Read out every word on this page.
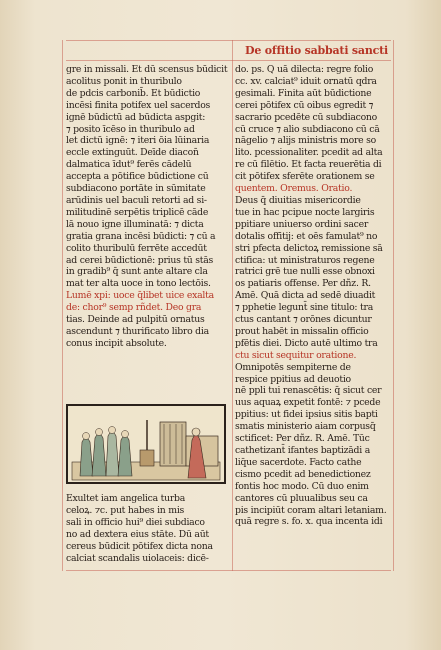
De offitio sabbati sancti

gre in missali. Et dū scensus būdicit

acolitus ponit in thuribulo

de pdcis carbonib̄. Et būdictio

incēsi finita potifex uel sacerdos

ignē būdictū ad būdicta aspgit:

⁊ posito īcēso in thuribulo ad

let dictū ignē: ⁊ iteri ōia lūinaria

eccle extinguūt. Deīde diacon̄

dalmatica īdut⁹ ferēs cādelū

accepta a pōtifice būdictione cū

subdiacono portāte in sūmitate

arūdinis uel baculi retorti ad si-

militudinē serpētis triplicē cāde

lā nouo igne illuminatā: ⁊ dicta

gratia grana incēsi būdicti: ⁊ cū a

colito thuribulū ferrēte accedūt

ad cerei būdictionē: prius tū stās

in gradib⁹ q̄ sunt ante altare cla

mat ter alta uoce in tono lectōis.

Lumē xpi: uoce q̄libet uice exalta

de: chor⁹ semp rñdet. Deo gra

tias. Deinde ad pulpitū ornatus

ascendunt ⁊ thurificato libro dia

conus incipit absolute.

do. ps. Q uā dilecta: regre folio

cc. xv. calciat⁹ iduit ornatū qdra

gesimali. Finita aūt būdictione

cerei pōtifex cū oibus egredit ⁊

sacrario pcedēte cū subdiacono

cū cruce ⁊ alio subdiacono cū cā

nāgelio ⁊ alijs ministris more so

lito. pcessionaliter. pcedit ad alta

re cū filētio. Et facta reuerētia di

cit pōtifex sferēte orationem se

quentem. Oremus. Oratio.

Deus q̄ diuitias misericordie

tue in hac pcipue nocte largiris

ppitiare uniuerso ordini sacer

dotalis offitij: et oēs famulat⁹ no

stri pfecta delictoꝝ remissione sā

ctifica: ut ministraturos regene

ratrici grē tue nulli esse obnoxi

os patiaris offense. Per dñz. R.

Amē. Quā dicta ad sedē diuadit

⁊ pphetie legunt̄ sine titulo: tra

ctus cantant ⁊ orōnes dicuntur

prout habēt in missalin officio

pfētis diei. Dicto autē ultimo tra

ctu sicut sequitur oratione.

Omnipotēs sempiterne de

respice ppitius ad deuotio

nē ppli tui renascētis: q̄ sicut cer

uus aquaꝝ expetit fontē: ⁊ pcede

ppitius: ut fidei ipsius sitis bapti

smatis ministerio aiam corpusq̄

sctificet: Per dñz. R. Amē. Tūc

cathetizant̄ ifantes baptizādi a

liq̄ue sacerdote. Facto cathe

cismo pcedit ad benedictionez

fontis hoc modo. Cū duo enim

cantores cū pluualibus seu ca

pis incipiūt coram altari letaniam.

quā regre s. fo. x. qua incenta idi

Exultet iam angelica turba

celoꝝ. ⁊c. put habes in mis

sali in officio hui⁹ diei subdiaco

no ad dextera eius stāte. Dū aūt

cereus būdicit pōtifex dicta nona

calciat scandalis uiolaceis: dicē-
